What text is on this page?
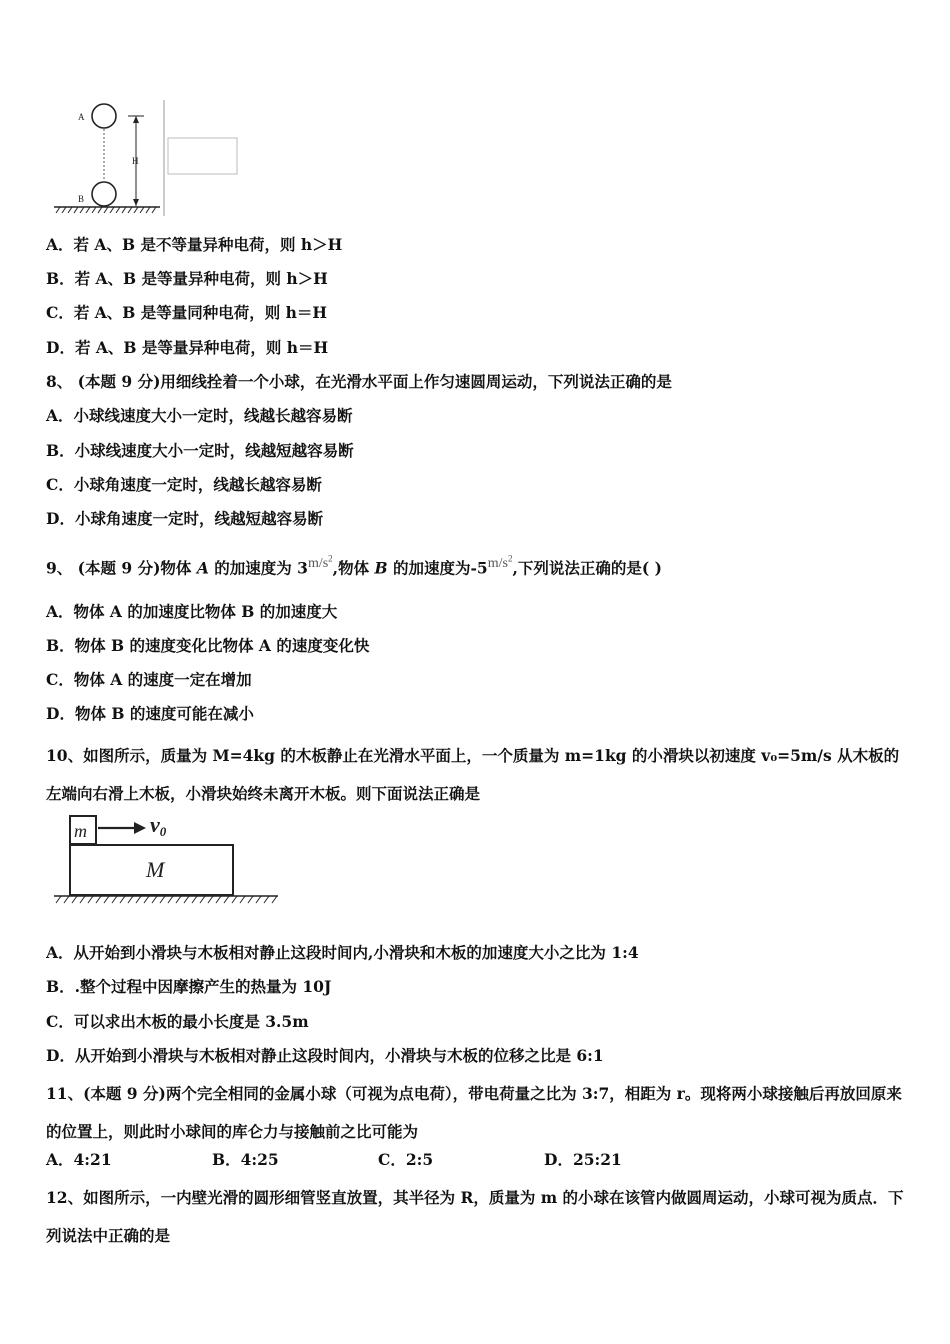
A
B
H
A．若 A、B 是不等量异种电荷，则 h＞H
B．若 A、B 是等量异种电荷，则 h＞H
C．若 A、B 是等量同种电荷，则 h＝H
D．若 A、B 是等量异种电荷，则 h＝H
8、 (本题 9 分)用细线拴着一个小球，在光滑水平面上作匀速圆周运动，下列说法正确的是
A．小球线速度大小一定时，线越长越容易断
B．小球线速度大小一定时，线越短越容易断
C．小球角速度一定时，线越长越容易断
D．小球角速度一定时，线越短越容易断
9、 (本题 9 分)物体 A 的加速度为 $3m/s^2$,物体 B 的加速度为$-5m/s^2$,下列说法正确的是( )
A．物体 A 的加速度比物体 B 的加速度大
B．物体 B 的速度变化比物体 A 的速度变化快
C．物体 A 的速度一定在增加
D．物体 B 的速度可能在减小
10、如图所示，质量为 M=4kg 的木板静止在光滑水平面上，一个质量为 m=1kg 的小滑块以初速度 v₀=5m/s 从木板的左端向右滑上木板，小滑块始终未离开木板。则下面说法正确是
m	v0
M
A．从开始到小滑块与木板相对静止这段时间内,小滑块和木板的加速度大小之比为 1:4
B．.整个过程中因摩擦产生的热量为 10J
C．可以求出木板的最小长度是 3.5m
D．从开始到小滑块与木板相对静止这段时间内，小滑块与木板的位移之比是 6:1
11、(本题 9 分)两个完全相同的金属小球（可视为点电荷），带电荷量之比为 3:7，相距为 r。现将两小球接触后再放回原来的位置上，则此时小球间的库仑力与接触前之比可能为
A．4:21	B．4:25	C．2:5	D．25:21
12、如图所示，一内壁光滑的圆形细管竖直放置，其半径为 R，质量为 m 的小球在该管内做圆周运动，小球可视为质点．下列说法中正确的是
